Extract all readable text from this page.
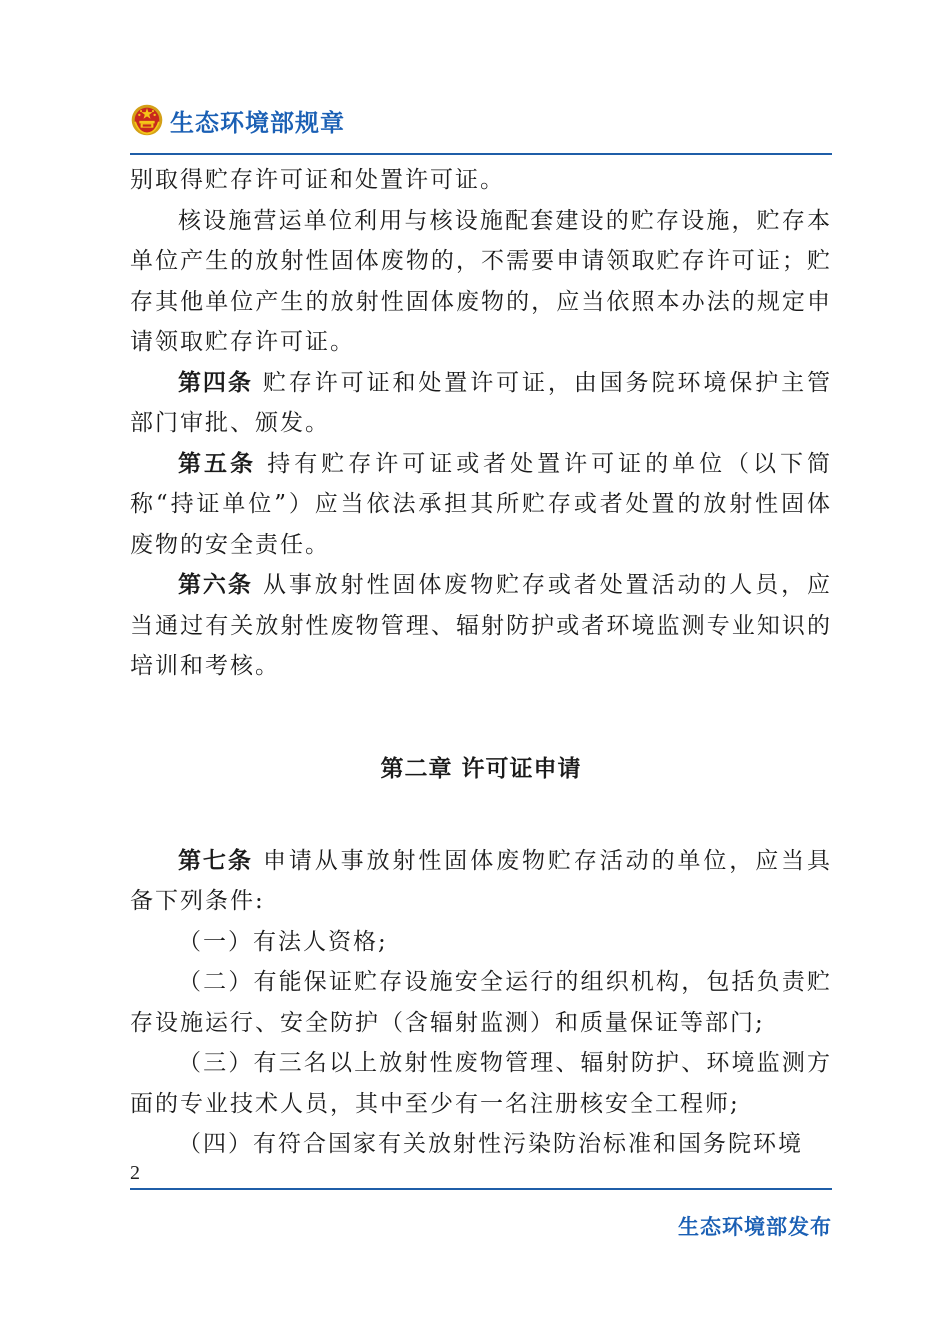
生态环境部规章

别取得贮存许可证和处置许可证。

核设施营运单位利用与核设施配套建设的贮存设施，贮存本单位产生的放射性固体废物的，不需要申请领取贮存许可证；贮存其他单位产生的放射性固体废物的，应当依照本办法的规定申请领取贮存许可证。

第四条 贮存许可证和处置许可证，由国务院环境保护主管部门审批、颁发。

第五条 持有贮存许可证或者处置许可证的单位（以下简称“持证单位”）应当依法承担其所贮存或者处置的放射性固体废物的安全责任。

第六条 从事放射性固体废物贮存或者处置活动的人员，应当通过有关放射性废物管理、辐射防护或者环境监测专业知识的培训和考核。

第二章 许可证申请

第七条 申请从事放射性固体废物贮存活动的单位，应当具备下列条件:

（一）有法人资格;

（二）有能保证贮存设施安全运行的组织机构，包括负责贮存设施运行、安全防护（含辐射监测）和质量保证等部门;

（三）有三名以上放射性废物管理、辐射防护、环境监测方面的专业技术人员，其中至少有一名注册核安全工程师;

（四）有符合国家有关放射性污染防治标准和国务院环境

2
生态环境部发布
